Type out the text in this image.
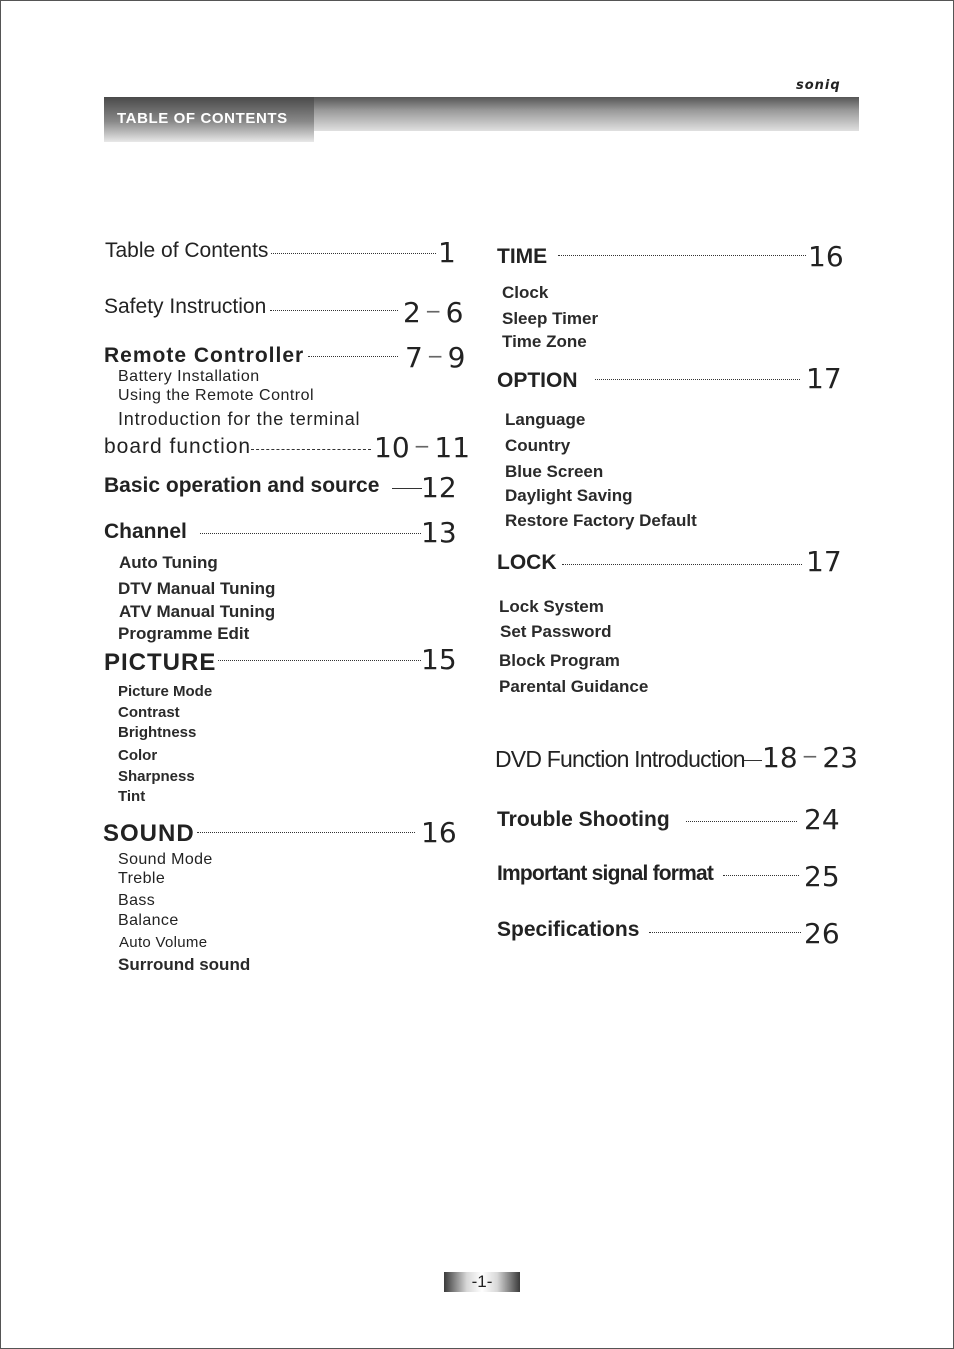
soniq
TABLE OF CONTENTS
Table of Contents	1
Safety Instruction	2 − 6
Remote Controller	7 − 9
Battery Installation
Using the Remote Control
Introduction for the terminal
board function	10 − 11
Basic operation and source 12
Channel	13
Auto Tuning
DTV Manual Tuning
ATV Manual Tuning
Programme Edit
PICTURE	15
Picture Mode
Contrast
Brightness
Color
Sharpness
Tint
SOUND	16
Sound Mode
Treble
Bass
Balance
Auto Volume
Surround sound
TIME	16
Clock
Sleep Timer
Time Zone
OPTION	17
Language
Country
Blue Screen
Daylight Saving
Restore Factory Default
LOCK	17
Lock System
Set Password
Block Program
Parental Guidance
DVD Function Introduction 18 − 23
Trouble Shooting	24
Important signal format	25
Specifications	26
-1-
